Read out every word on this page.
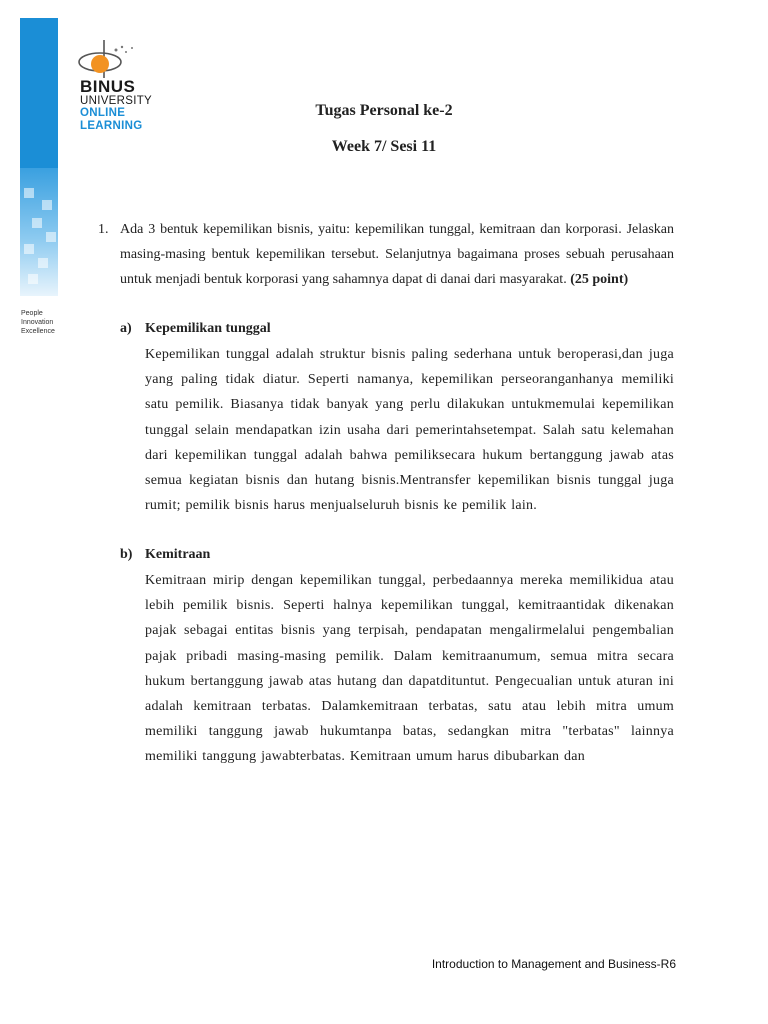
People
Innovation
Excellence
BINUS
UNIVERSITY
ONLINE
LEARNING
Tugas Personal ke-2
Week 7/ Sesi 11
1. Ada 3 bentuk kepemilikan bisnis, yaitu: kepemilikan tunggal, kemitraan dan korporasi. Jelaskan masing-masing bentuk kepemilikan tersebut. Selanjutnya bagaimana proses sebuah perusahaan untuk menjadi bentuk korporasi yang sahamnya dapat di danai dari masyarakat. (25 point)
a) Kepemilikan tunggal
Kepemilikan tunggal adalah struktur bisnis paling sederhana untuk beroperasi,dan juga yang paling tidak diatur. Seperti namanya, kepemilikan perseoranganhanya memiliki satu pemilik. Biasanya tidak banyak yang perlu dilakukan untukmemulai kepemilikan tunggal selain mendapatkan izin usaha dari pemerintahsetempat. Salah satu kelemahan dari kepemilikan tunggal adalah bahwa pemiliksecara hukum bertanggung jawab atas semua kegiatan bisnis dan hutang bisnis.Mentransfer kepemilikan bisnis tunggal juga rumit; pemilik bisnis harus menjualseluruh bisnis ke pemilik lain.
b) Kemitraan
Kemitraan mirip dengan kepemilikan tunggal, perbedaannya mereka memilikidua atau lebih pemilik bisnis. Seperti halnya kepemilikan tunggal, kemitraantidak dikenakan pajak sebagai entitas bisnis yang terpisah, pendapatan mengalirmelalui pengembalian pajak pribadi masing-masing pemilik. Dalam kemitraanumum, semua mitra secara hukum bertanggung jawab atas hutang dan dapatdituntut. Pengecualian untuk aturan ini adalah kemitraan terbatas. Dalamkemitraan terbatas, satu atau lebih mitra umum memiliki tanggung jawab hukumtanpa batas, sedangkan mitra "terbatas" lainnya memiliki tanggung jawabterbatas. Kemitraan umum harus dibubarkan dan
Introduction to Management and Business-R6
